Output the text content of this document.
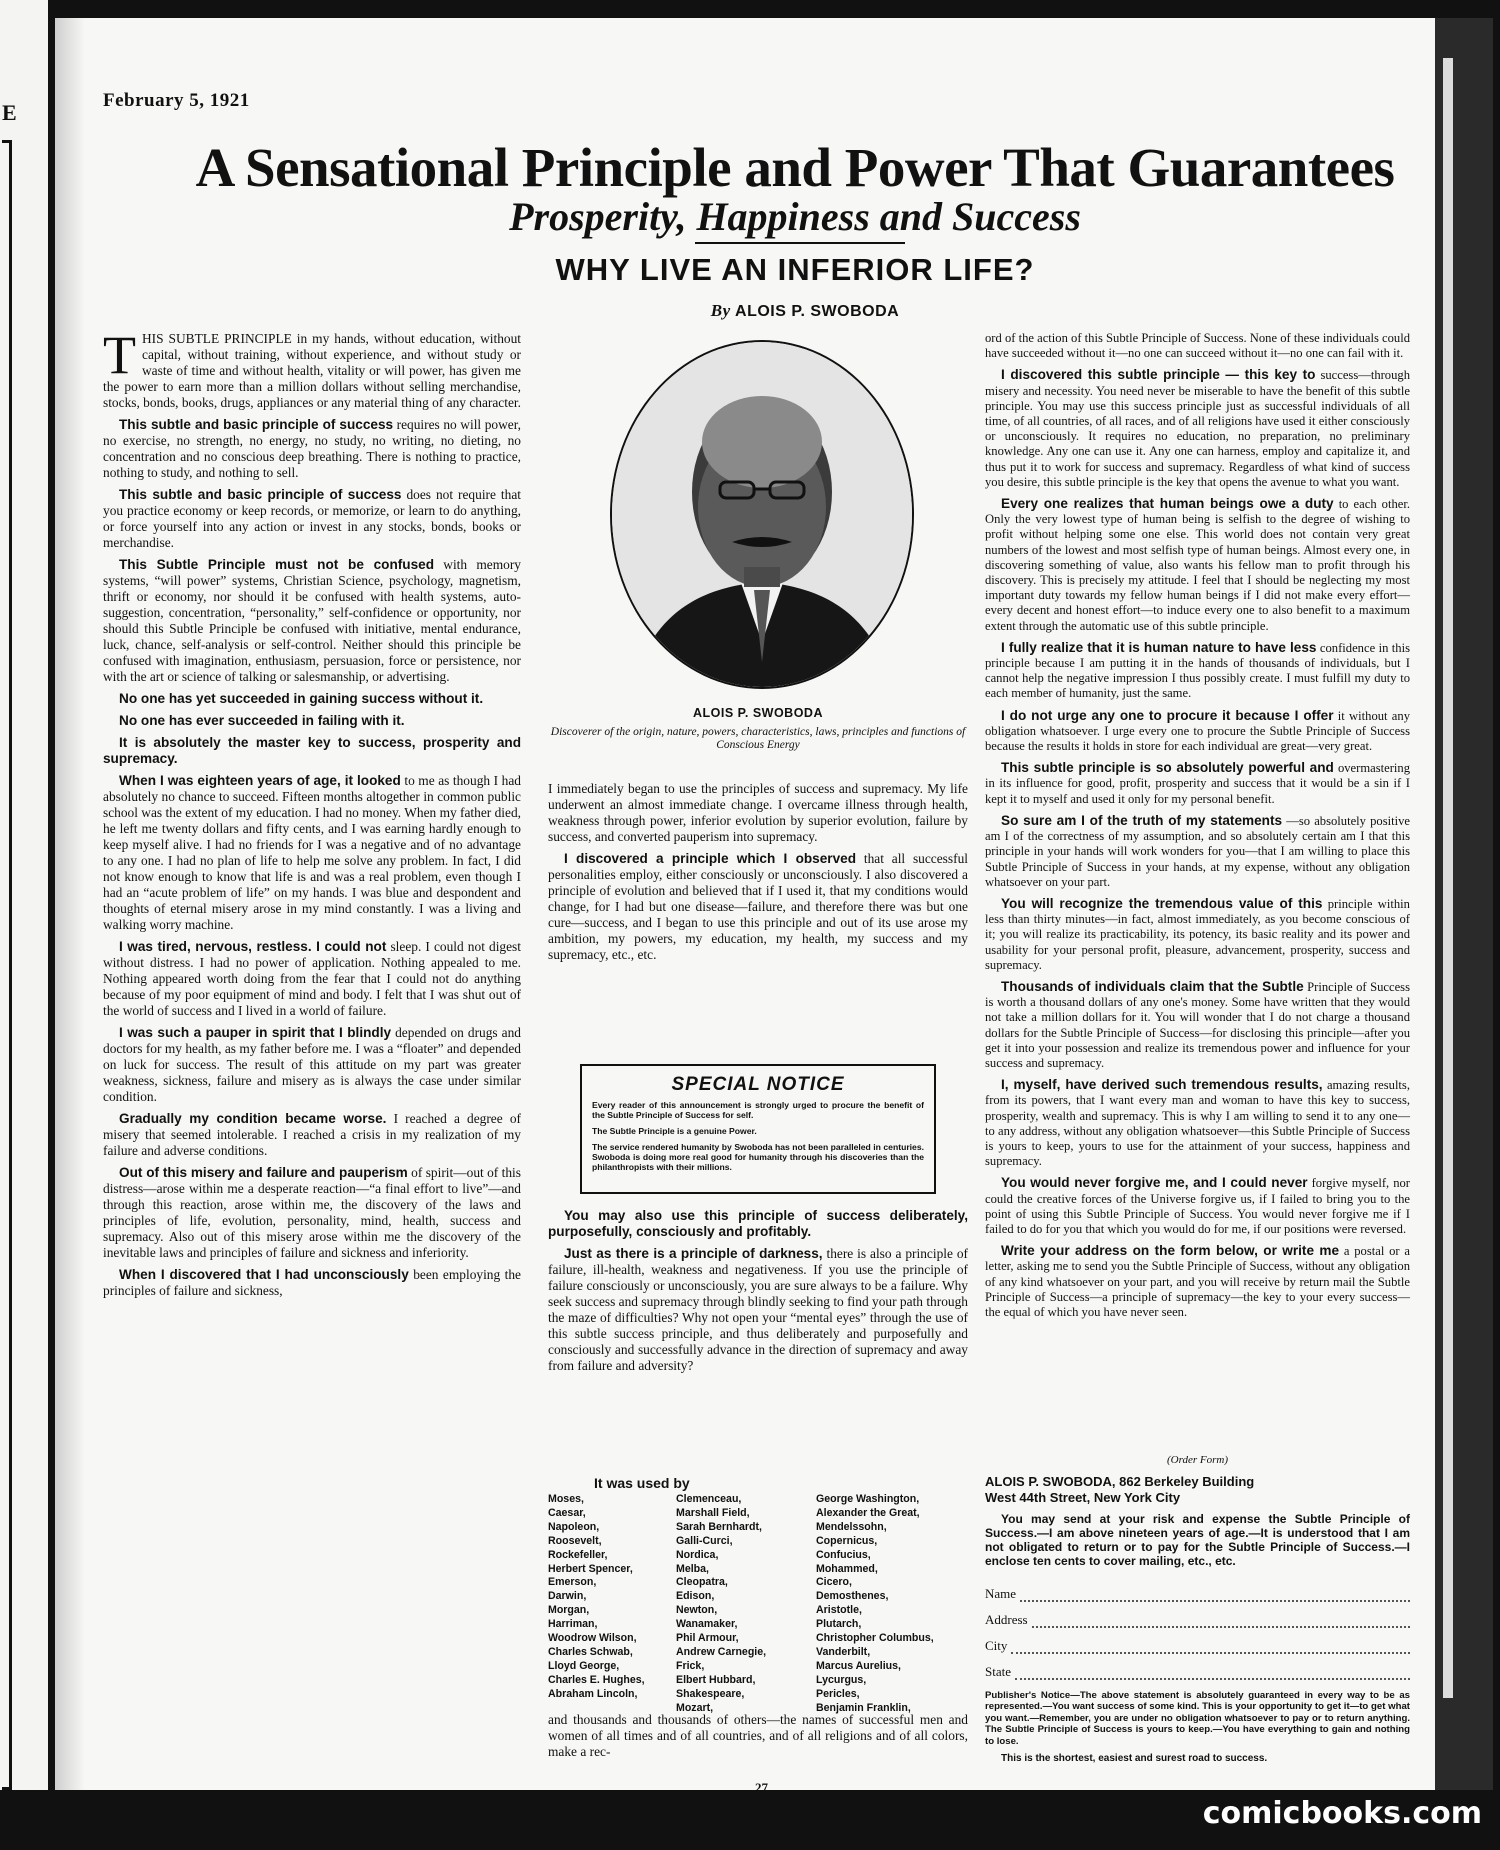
E	February 5, 1921
A Sensational Principle and Power That Guarantees
Prosperity, Happiness and Success
WHY LIVE AN INFERIOR LIFE?
By ALOIS P. SWOBODA

THIS SUBTLE PRINCIPLE in my hands, without education, without capital, without training, without experience, and without study or waste of time and without health, vitality or will power, has given me the power to earn more than a million dollars without selling merchandise, stocks, bonds, books, drugs, appliances or any material thing of any character.

This subtle and basic principle of success requires no will power, no exercise, no strength, no energy, no study, no writing, no dieting, no concentration and no conscious deep breathing. There is nothing to practice, nothing to study, and nothing to sell.

This subtle and basic principle of success does not require that you practice economy or keep records, or memorize, or learn to do anything, or force yourself into any action or invest in any stocks, bonds, books or merchandise.

This Subtle Principle must not be confused with memory systems, “will power” systems, Christian Science, psychology, magnetism, thrift or economy, nor should it be confused with health systems, auto-suggestion, concentration, “personality,” self-confidence or opportunity, nor should this Subtle Principle be confused with initiative, mental endurance, luck, chance, self-analysis or self-control. Neither should this principle be confused with imagination, enthusiasm, persuasion, force or persistence, nor with the art or science of talking or salesmanship, or advertising.

No one has yet succeeded in gaining success without it.

No one has ever succeeded in failing with it.

It is absolutely the master key to success, prosperity and supremacy.

When I was eighteen years of age, it looked to me as though I had absolutely no chance to succeed. Fifteen months altogether in common public school was the extent of my education. I had no money. When my father died, he left me twenty dollars and fifty cents, and I was earning hardly enough to keep myself alive. I had no friends for I was a negative and of no advantage to any one. I had no plan of life to help me solve any problem. In fact, I did not know enough to know that life is and was a real problem, even though I had an “acute problem of life” on my hands. I was blue and despondent and thoughts of eternal misery arose in my mind constantly. I was a living and walking worry machine.

I was tired, nervous, restless. I could not sleep. I could not digest without distress. I had no power of application. Nothing appealed to me. Nothing appeared worth doing from the fear that I could not do anything because of my poor equipment of mind and body. I felt that I was shut out of the world of success and I lived in a world of failure.

I was such a pauper in spirit that I blindly depended on drugs and doctors for my health, as my father before me. I was a “floater” and depended on luck for success. The result of this attitude on my part was greater weakness, sickness, failure and misery as is always the case under similar condition.

Gradually my condition became worse. I reached a degree of misery that seemed intolerable. I reached a crisis in my realization of my failure and adverse conditions.

Out of this misery and failure and pauperism of spirit—out of this distress—arose within me a desperate reaction—“a final effort to live”—and through this reaction, arose within me, the discovery of the laws and principles of life, evolution, personality, mind, health, success and supremacy. Also out of this misery arose within me the discovery of the inevitable laws and principles of failure and sickness and inferiority.

When I discovered that I had unconsciously been employing the principles of failure and sickness,

ALOIS P. SWOBODA
Discoverer of the origin, nature, powers, characteristics, laws, principles and functions of Conscious Energy

I immediately began to use the principles of success and supremacy. My life underwent an almost immediate change. I overcame illness through health, weakness through power, inferior evolution by superior evolution, failure by success, and converted pauperism into supremacy.

I discovered a principle which I observed that all successful personalities employ, either consciously or unconsciously. I also discovered a principle of evolution and believed that if I used it, that my conditions would change, for I had but one disease—failure, and therefore there was but one cure—success, and I began to use this principle and out of its use arose my ambition, my powers, my education, my health, my success and my supremacy, etc., etc.

SPECIAL NOTICE

Every reader of this announcement is strongly urged to procure the benefit of the Subtle Principle of Success for self.

The Subtle Principle is a genuine Power.

The service rendered humanity by Swoboda has not been paralleled in centuries. Swoboda is doing more real good for humanity through his discoveries than the philanthropists with their millions.

You may also use this principle of success deliberately, purposefully, consciously and profitably.

Just as there is a principle of darkness, there is also a principle of failure, ill-health, weakness and negativeness. If you use the principle of failure consciously or unconsciously, you are sure always to be a failure. Why seek success and supremacy through blindly seeking to find your path through the maze of difficulties? Why not open your “mental eyes” through the use of this subtle success principle, and thus deliberately and purposefully and consciously and successfully advance in the direction of supremacy and away from failure and adversity?

It was used by
Moses,
Caesar,
Napoleon,
Roosevelt,
Rockefeller,
Herbert Spencer,
Emerson,
Darwin,
Morgan,
Harriman,
Woodrow Wilson,
Charles Schwab,
Lloyd George,
Charles E. Hughes,
Abraham Lincoln,
Clemenceau,
Marshall Field,
Sarah Bernhardt,
Galli-Curci,
Nordica,
Melba,
Cleopatra,
Edison,
Newton,
Wanamaker,
Phil Armour,
Andrew Carnegie,
Frick,
Elbert Hubbard,
Shakespeare,
Mozart,
George Washington,
Alexander the Great,
Mendelssohn,
Copernicus,
Confucius,
Mohammed,
Cicero,
Demosthenes,
Aristotle,
Plutarch,
Christopher Columbus,
Vanderbilt,
Marcus Aurelius,
Lycurgus,
Pericles,
Benjamin Franklin,
and thousands and thousands of others—the names of successful men and women of all times and of all countries, and of all religions and of all colors, make a rec-

ord of the action of this Subtle Principle of Success. None of these individuals could have succeeded without it—no one can succeed without it—no one can fail with it.

I discovered this subtle principle — this key to success—through misery and necessity. You need never be miserable to have the benefit of this subtle principle. You may use this success principle just as successful individuals of all time, of all countries, of all races, and of all religions have used it either consciously or unconsciously. It requires no education, no preparation, no preliminary knowledge. Any one can use it. Any one can harness, employ and capitalize it, and thus put it to work for success and supremacy. Regardless of what kind of success you desire, this subtle principle is the key that opens the avenue to what you want.

Every one realizes that human beings owe a duty to each other. Only the very lowest type of human being is selfish to the degree of wishing to profit without helping some one else. This world does not contain very great numbers of the lowest and most selfish type of human beings. Almost every one, in discovering something of value, also wants his fellow man to profit through his discovery. This is precisely my attitude. I feel that I should be neglecting my most important duty towards my fellow human beings if I did not make every effort—every decent and honest effort—to induce every one to also benefit to a maximum extent through the automatic use of this subtle principle.

I fully realize that it is human nature to have less confidence in this principle because I am putting it in the hands of thousands of individuals, but I cannot help the negative impression I thus possibly create. I must fulfill my duty to each member of humanity, just the same.

I do not urge any one to procure it because I offer it without any obligation whatsoever. I urge every one to procure the Subtle Principle of Success because the results it holds in store for each individual are great—very great.

This subtle principle is so absolutely powerful and overmastering in its influence for good, profit, prosperity and success that it would be a sin if I kept it to myself and used it only for my personal benefit.

So sure am I of the truth of my statements —so absolutely positive am I of the correctness of my assumption, and so absolutely certain am I that this principle in your hands will work wonders for you—that I am willing to place this Subtle Principle of Success in your hands, at my expense, without any obligation whatsoever on your part.

You will recognize the tremendous value of this principle within less than thirty minutes—in fact, almost immediately, as you become conscious of it; you will realize its practicability, its potency, its basic reality and its power and usability for your personal profit, pleasure, advancement, prosperity, success and supremacy.

Thousands of individuals claim that the Subtle Principle of Success is worth a thousand dollars of any one's money. Some have written that they would not take a million dollars for it. You will wonder that I do not charge a thousand dollars for the Subtle Principle of Success—for disclosing this principle—after you get it into your possession and realize its tremendous power and influence for your success and supremacy.

I, myself, have derived such tremendous results, amazing results, from its powers, that I want every man and woman to have this key to success, prosperity, wealth and supremacy. This is why I am willing to send it to any one—to any address, without any obligation whatsoever—this Subtle Principle of Success is yours to keep, yours to use for the attainment of your success, happiness and supremacy.

You would never forgive me, and I could never forgive myself, nor could the creative forces of the Universe forgive us, if I failed to bring you to the point of using this Subtle Principle of Success. You would never forgive me if I failed to do for you that which you would do for me, if our positions were reversed.

Write your address on the form below, or write me a postal or a letter, asking me to send you the Subtle Principle of Success, without any obligation of any kind whatsoever on your part, and you will receive by return mail the Subtle Principle of Success—a principle of supremacy—the key to your every success—the equal of which you have never seen.

(Order Form)
ALOIS P. SWOBODA, 862 Berkeley Building
West 44th Street, New York City

You may send at your risk and expense the Subtle Principle of Success.—I am above nineteen years of age.—It is understood that I am not obligated to return or to pay for the Subtle Principle of Success.—I enclose ten cents to cover mailing, etc., etc.

Name
Address
City
State
Publisher's Notice—The above statement is absolutely guaranteed in every way to be as represented.—You want success of some kind. This is your opportunity to get it—to get what you want.—Remember, you are under no obligation whatsoever to pay or to return anything. The Subtle Principle of Success is yours to keep.—You have everything to gain and nothing to lose.
This is the shortest, easiest and surest road to success.
27
comicbooks.com
